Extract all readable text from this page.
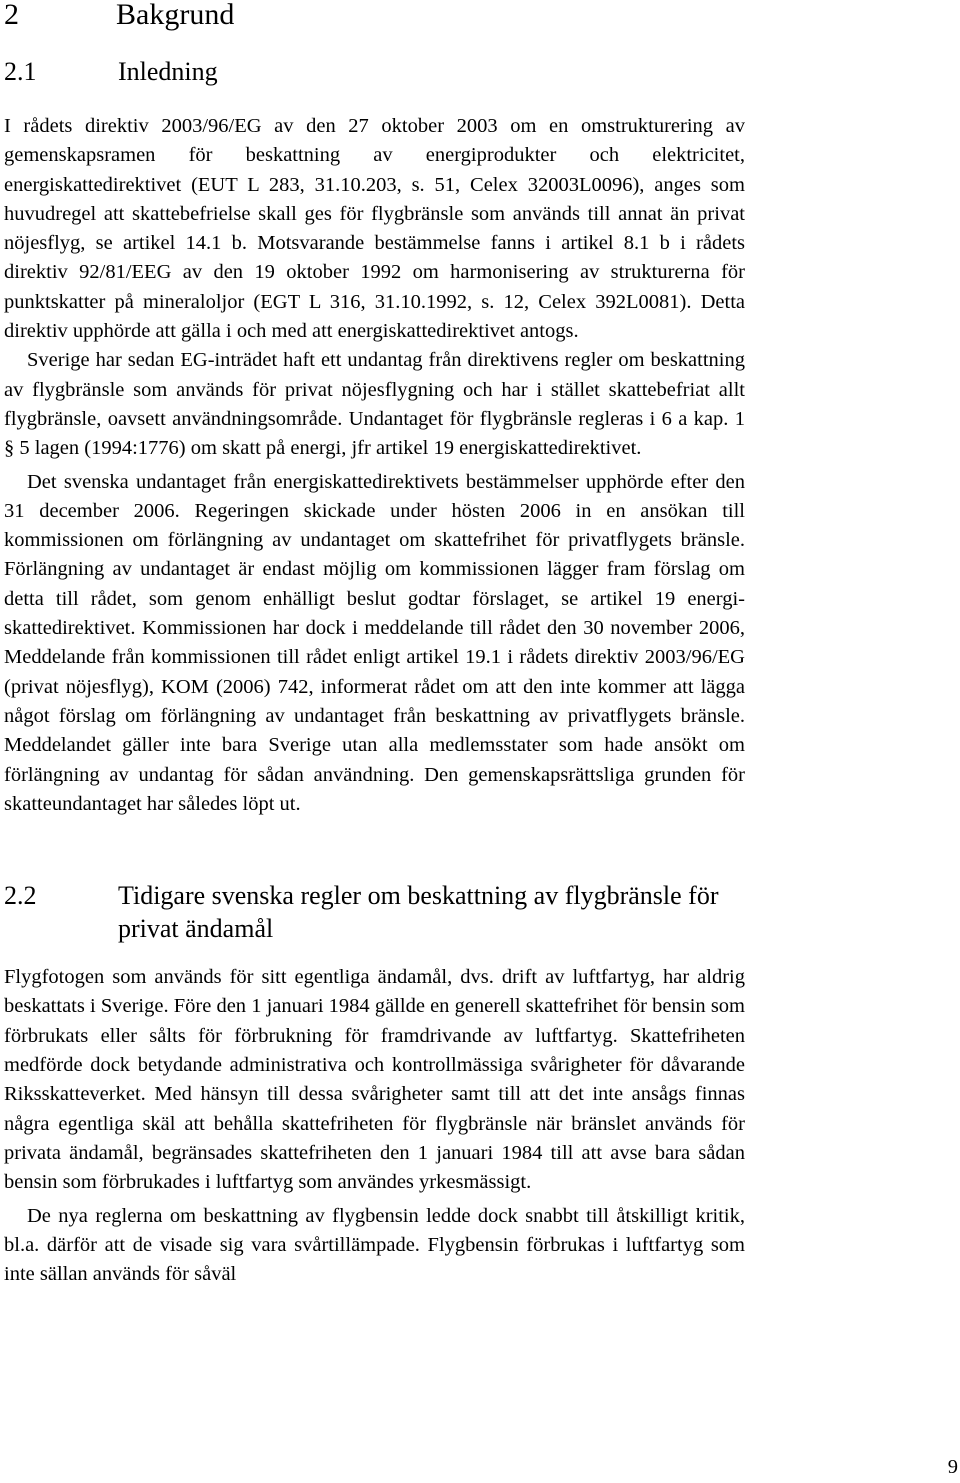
2	Bakgrund
2.1	Inledning

I rådets direktiv 2003/96/EG av den 27 oktober 2003 om en omstrukturering av gemenskapsramen för beskattning av energiprodukter och elektricitet, energiskattedirektivet (EUT L 283, 31.10.203, s. 51, Celex 32003L0096), anges som huvudregel att skattebefrielse skall ges för flygbränsle som används till annat än privat nöjesflyg, se artikel 14.1 b. Motsvarande bestämmelse fanns i artikel 8.1 b i rådets direktiv 92/81/EEG av den 19 oktober 1992 om harmonisering av strukturerna för punktskatter på mineraloljor (EGT L 316, 31.10.1992, s. 12, Celex 392L0081). Detta direktiv upphörde att gälla i och med att energiskattedirektivet antogs.

Sverige har sedan EG-inträdet haft ett undantag från direktivens regler om beskattning av flygbränsle som används för privat nöjesflygning och har i stället skattebefriat allt flygbränsle, oavsett användningsområde. Undantaget för flygbränsle regleras i 6 a kap. 1 § 5 lagen (1994:1776) om skatt på energi, jfr artikel 19 energiskattedirektivet.

Det svenska undantaget från energiskattedirektivets bestämmelser upphörde efter den 31 december 2006. Regeringen skickade under hösten 2006 in en ansökan till kommissionen om förlängning av undantaget om skattefrihet för privatflygets bränsle. Förlängning av undantaget är endast möjlig om kommissionen lägger fram förslag om detta till rådet, som genom enhälligt beslut godtar förslaget, se artikel 19 energiskattedirektivet. Kommissionen har dock i meddelande till rådet den 30 november 2006, Meddelande från kommissionen till rådet enligt artikel 19.1 i rådets direktiv 2003/96/EG (privat nöjesflyg), KOM (2006) 742, informerat rådet om att den inte kommer att lägga något förslag om förlängning av undantaget från beskattning av privatflygets bränsle. Meddelandet gäller inte bara Sverige utan alla medlemsstater som hade ansökt om förlängning av undantag för sådan användning. Den gemenskapsrättsliga grunden för skatteundantaget har således löpt ut.

2.2	Tidigare svenska regler om beskattning av flygbränsle för privat ändamål

Flygfotogen som används för sitt egentliga ändamål, dvs. drift av luftfartyg, har aldrig beskattats i Sverige. Före den 1 januari 1984 gällde en generell skattefrihet för bensin som förbrukats eller sålts för förbrukning för framdrivande av luftfartyg. Skattefriheten medförde dock betydande administrativa och kontrollmässiga svårigheter för dåvarande Riksskatteverket. Med hänsyn till dessa svårigheter samt till att det inte ansågs finnas några egentliga skäl att behålla skattefriheten för flygbränsle när bränslet används för privata ändamål, begränsades skattefriheten den 1 januari 1984 till att avse bara sådan bensin som förbrukades i luftfartyg som användes yrkesmässigt.

De nya reglerna om beskattning av flygbensin ledde dock snabbt till åtskilligt kritik, bl.a. därför att de visade sig vara svårtillämpade. Flygbensin förbrukas i luftfartyg som inte sällan används för såväl

9
